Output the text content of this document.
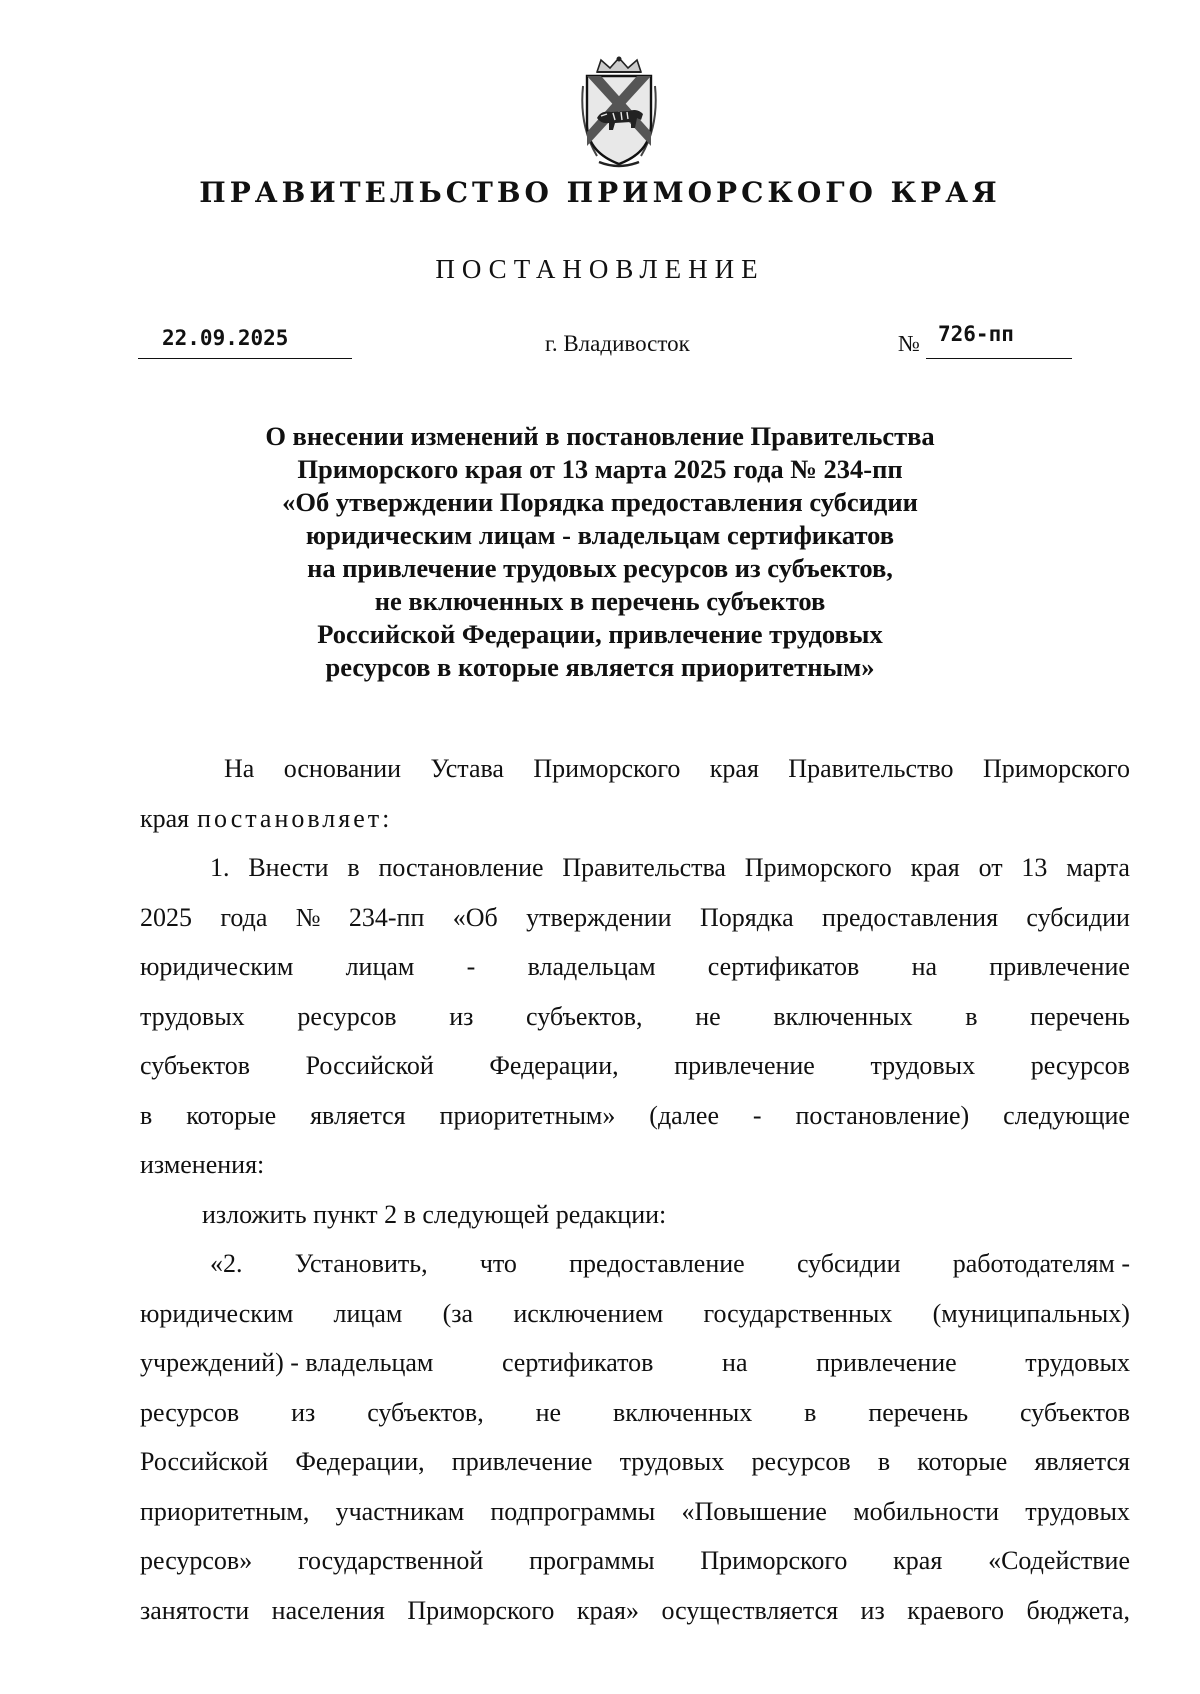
ПРАВИТЕЛЬСТВО ПРИМОРСКОГО КРАЯ
ПОСТАНОВЛЕНИЕ
22.09.2025	г. Владивосток	№ 726-пп
О внесении изменений в постановление Правительства
Приморского края от 13 марта 2025 года № 234-пп
«Об утверждении Порядка предоставления субсидии
юридическим лицам - владельцам сертификатов
на привлечение трудовых ресурсов из субъектов,
не включенных в перечень субъектов
Российской Федерации, привлечение трудовых
ресурсов в которые является приоритетным»
На основании Устава Приморского края Правительство Приморского
края постановляет:
1. Внести в постановление Правительства Приморского края от 13 марта
2025 года № 234-пп «Об утверждении Порядка предоставления субсидии
юридическим лицам - владельцам сертификатов на привлечение
трудовых ресурсов из субъектов, не включенных в перечень
субъектов Российской Федерации, привлечение трудовых ресурсов
в которые является приоритетным» (далее - постановление) следующие
изменения:
изложить пункт 2 в следующей редакции:
«2. Установить, что предоставление субсидии работодателям -
юридическим лицам (за исключением государственных (муниципальных)
учреждений) - владельцам	сертификатов	на	привлечение	трудовых
ресурсов из субъектов, не включенных в перечень субъектов
Российской Федерации, привлечение трудовых ресурсов в которые является
приоритетным, участникам подпрограммы «Повышение мобильности трудовых
ресурсов» государственной программы Приморского края «Содействие
занятости населения Приморского края» осуществляется из краевого бюджета,
